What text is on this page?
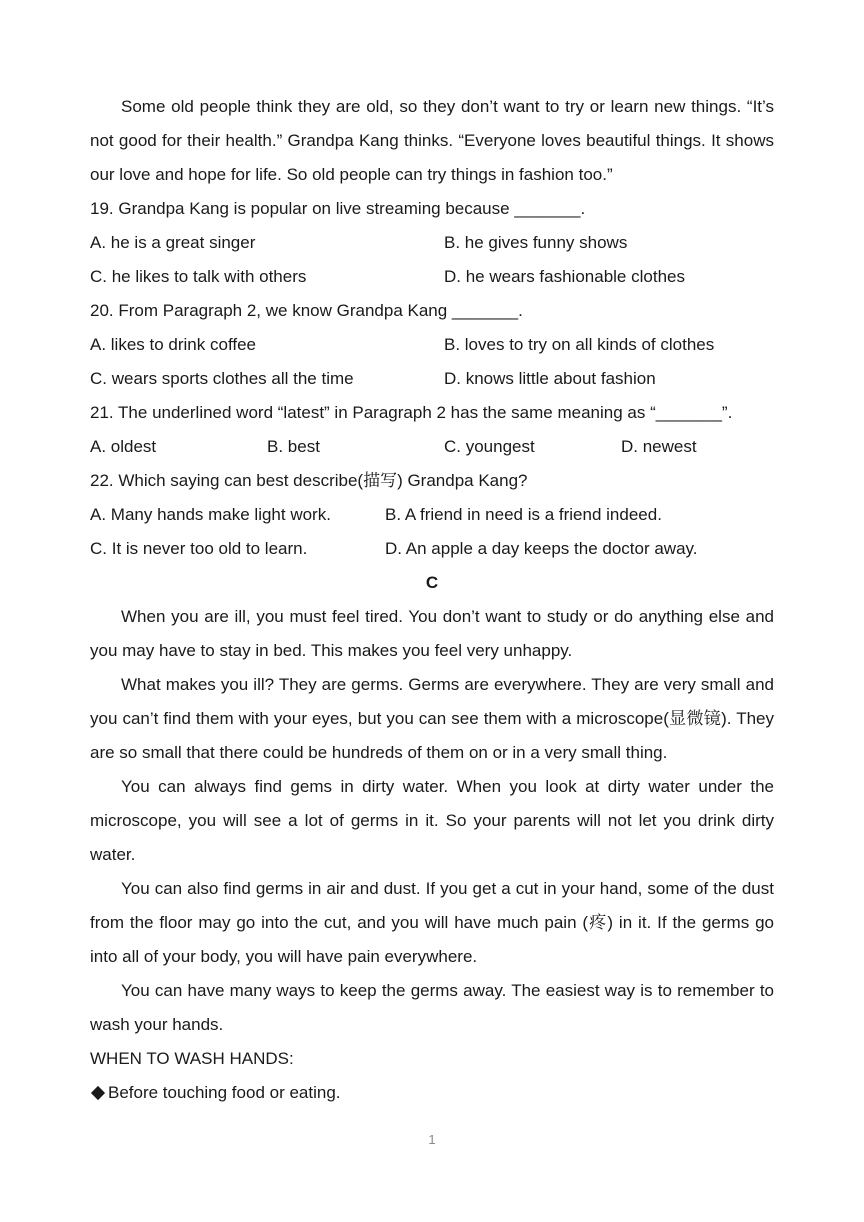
Some old people think they are old, so they don’t want to try or learn new things. “It’s not good for their health.” Grandpa Kang thinks. “Everyone loves beautiful things. It shows our love and hope for life. So old people can try things in fashion too.”

19. Grandpa Kang is popular on live streaming because _______.

A. he is a great singer	B. he gives funny shows
C. he likes to talk with others	D. he wears fashionable clothes

20. From Paragraph 2, we know Grandpa Kang _______.

A. likes to drink coffee	B. loves to try on all kinds of clothes
C. wears sports clothes all the time	D. knows little about fashion

21. The underlined word “latest” in Paragraph 2 has the same meaning as “_______”.

A. oldest	B. best	C. youngest	D. newest

22. Which saying can best describe(描写) Grandpa Kang?

A. Many hands make light work.	B. A friend in need is a friend indeed.
C. It is never too old to learn.	D. An apple a day keeps the doctor away.

C

When you are ill, you must feel tired. You don’t want to study or do anything else and you may have to stay in bed. This makes you feel very unhappy.

What makes you ill? They are germs. Germs are everywhere. They are very small and you can’t find them with your eyes, but you can see them with a microscope(显微镜). They are so small that there could be hundreds of them on or in a very small thing.

You can always find gems in dirty water. When you look at dirty water under the microscope, you will see a lot of germs in it. So your parents will not let you drink dirty water.

You can also find germs in air and dust. If you get a cut in your hand, some of the dust from the floor may go into the cut, and you will have much pain (疼) in it. If the germs go into all of your body, you will have pain everywhere.

You can have many ways to keep the germs away. The easiest way is to remember to wash your hands.

WHEN TO WASH HANDS:

Before touching food or eating.
1
